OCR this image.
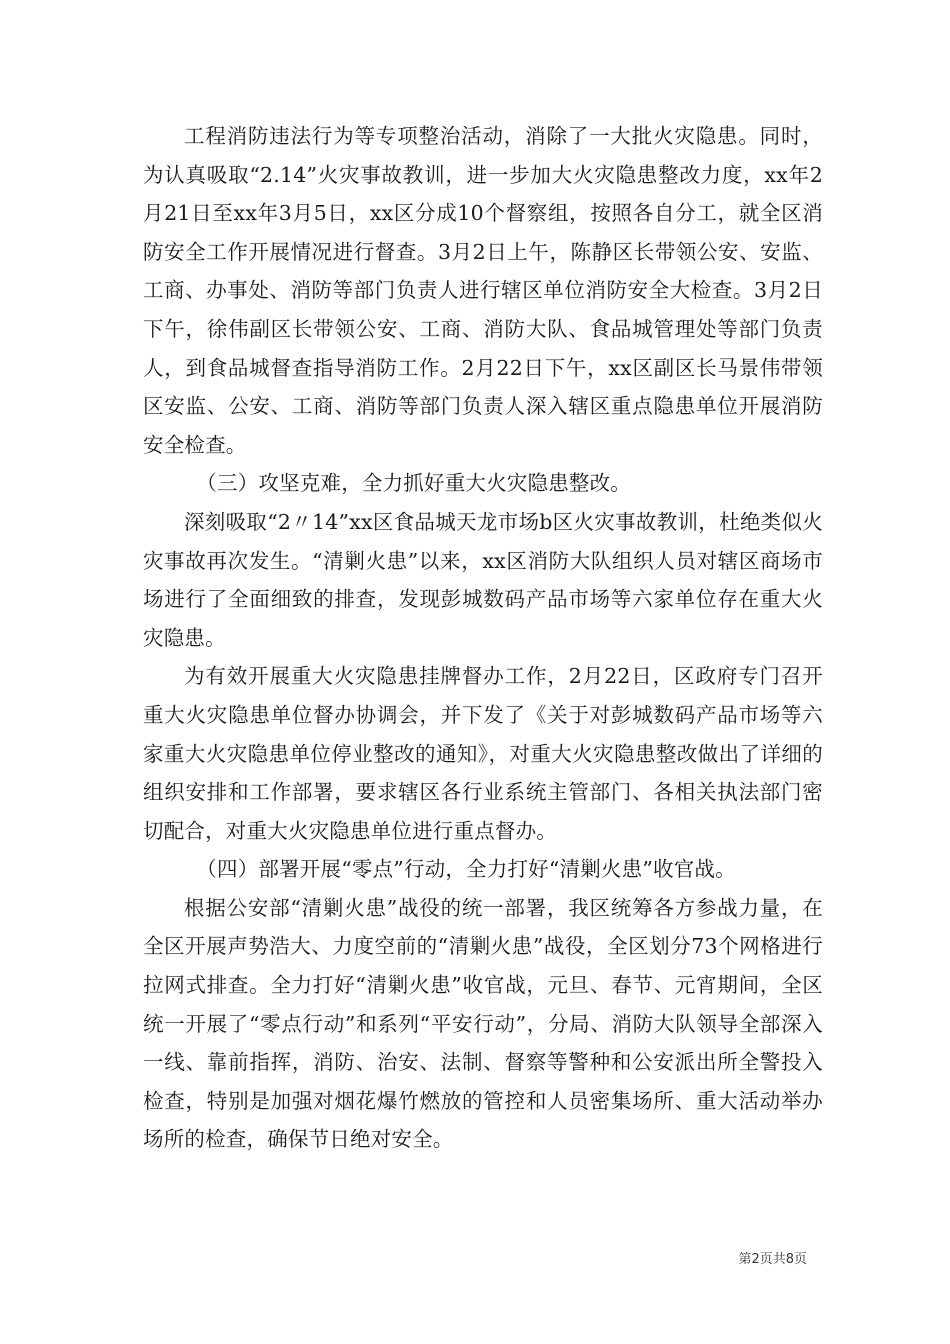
工程消防违法行为等专项整治活动，消除了一大批火灾隐患。同时，为认真吸取“2.14”火灾事故教训，进一步加大火灾隐患整改力度，xx年2月21日至xx年3月5日，xx区分成10个督察组，按照各自分工，就全区消防安全工作开展情况进行督查。3月2日上午，陈静区长带领公安、安监、工商、办事处、消防等部门负责人进行辖区单位消防安全大检查。3月2日下午，徐伟副区长带领公安、工商、消防大队、食品城管理处等部门负责人，到食品城督查指导消防工作。2月22日下午，xx区副区长马景伟带领区安监、公安、工商、消防等部门负责人深入辖区重点隐患单位开展消防安全检查。

（三）攻坚克难，全力抓好重大火灾隐患整改。

深刻吸取“2〃14”xx区食品城天龙市场b区火灾事故教训，杜绝类似火灾事故再次发生。“清剿火患”以来，xx区消防大队组织人员对辖区商场市场进行了全面细致的排查，发现彭城数码产品市场等六家单位存在重大火灾隐患。

为有效开展重大火灾隐患挂牌督办工作，2月22日，区政府专门召开重大火灾隐患单位督办协调会，并下发了《关于对彭城数码产品市场等六家重大火灾隐患单位停业整改的通知》，对重大火灾隐患整改做出了详细的组织安排和工作部署，要求辖区各行业系统主管部门、各相关执法部门密切配合，对重大火灾隐患单位进行重点督办。

（四）部署开展“零点”行动，全力打好“清剿火患”收官战。

根据公安部“清剿火患”战役的统一部署，我区统筹各方参战力量，在全区开展声势浩大、力度空前的“清剿火患”战役，全区划分73个网格进行拉网式排查。全力打好“清剿火患”收官战，元旦、春节、元宵期间，全区统一开展了“零点行动”和系列“平安行动”，分局、消防大队领导全部深入一线、靠前指挥，消防、治安、法制、督察等警种和公安派出所全警投入检查，特别是加强对烟花爆竹燃放的管控和人员密集场所、重大活动举办场所的检查，确保节日绝对安全。

第2页共8页
